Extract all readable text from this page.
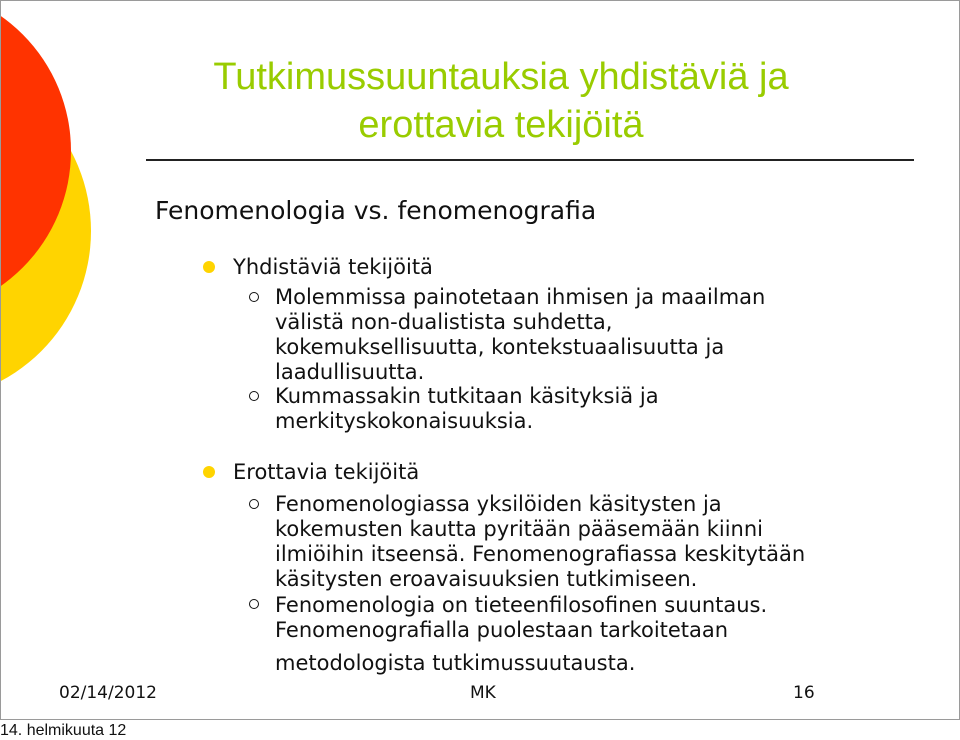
Tutkimussuuntauksia yhdistäviä ja
erottavia tekijöitä
Fenomenologia vs. fenomenografia
Yhdistäviä tekijöitä
Molemmissa painotetaan ihmisen ja maailman
välistä non-dualistista suhdetta,
kokemuksellisuutta, kontekstuaalisuutta ja
laadullisuutta.
Kummassakin tutkitaan käsityksiä ja
merkityskokonaisuuksia.
Erottavia tekijöitä
Fenomenologiassa yksilöiden käsitysten ja
kokemusten kautta pyritään pääsemään kiinni
ilmiöihin itseensä. Fenomenografiassa keskitytään
käsitysten eroavaisuuksien tutkimiseen.
Fenomenologia on tieteenfilosofinen suuntaus.
Fenomenografialla puolestaan tarkoitetaan
metodologista tutkimussuutausta.
02/14/2012	MK	16
14. helmikuuta 12
